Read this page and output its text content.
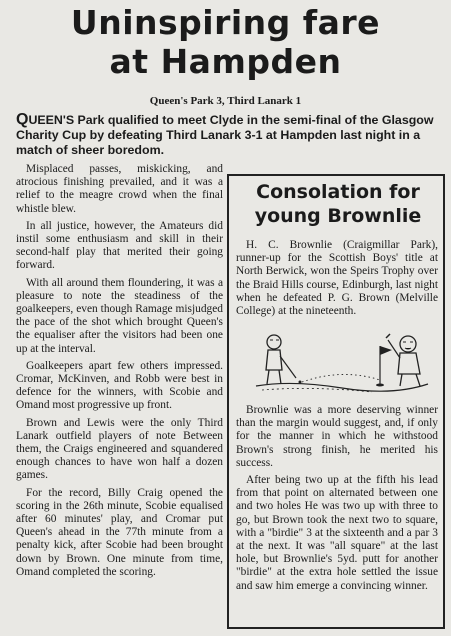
Uninspiring fare
at Hampden
Queen's Park 3, Third Lanark 1
QUEEN'S Park qualified to meet Clyde in the semi-final of the Glasgow Charity Cup by defeating Third Lanark 3-1 at Hampden last night in a match of sheer boredom.

Misplaced passes, miskicking, and atrocious finishing prevailed, and it was a relief to the meagre crowd when the final whistle blew.

In all justice, however, the Amateurs did instil some enthusiasm and skill in their second-half play that merited their going forward.

With all around them floundering, it was a pleasure to note the steadiness of the goalkeepers, even though Ramage misjudged the pace of the shot which brought Queen's the equaliser after the visitors had been one up at the interval.

Goalkeepers apart few others impressed. Cromar, McKinven, and Robb were best in defence for the winners, with Scobie and Omand most progressive up front.

Brown and Lewis were the only Third Lanark outfield players of note Between them, the Craigs engineered and squandered enough chances to have won half a dozen games.

For the record, Billy Craig opened the scoring in the 26th minute, Scobie equalised after 60 minutes' play, and Cromar put Queen's ahead in the 77th minute from a penalty kick, after Scobie had been brought down by Brown. One minute from time, Omand completed the scoring.

Consolation for
young Brownlie

H. C. Brownlie (Craigmillar Park), runner-up for the Scottish Boys' title at North Berwick, won the Speirs Trophy over the Braid Hills course, Edinburgh, last night when he defeated P. G. Brown (Melville College) at the nineteenth.

Brownlie was a more deserving winner than the margin would suggest, and, if only for the manner in which he withstood Brown's strong finish, he merited his success.

After being two up at the fifth his lead from that point on alternated between one and two holes He was two up with three to go, but Brown took the next two to square, with a "birdie" 3 at the sixteenth and a par 3 at the next. It was "all square" at the last hole, but Brownlie's 5yd. putt for another "birdie" at the extra hole settled the issue and saw him emerge a convincing winner.
